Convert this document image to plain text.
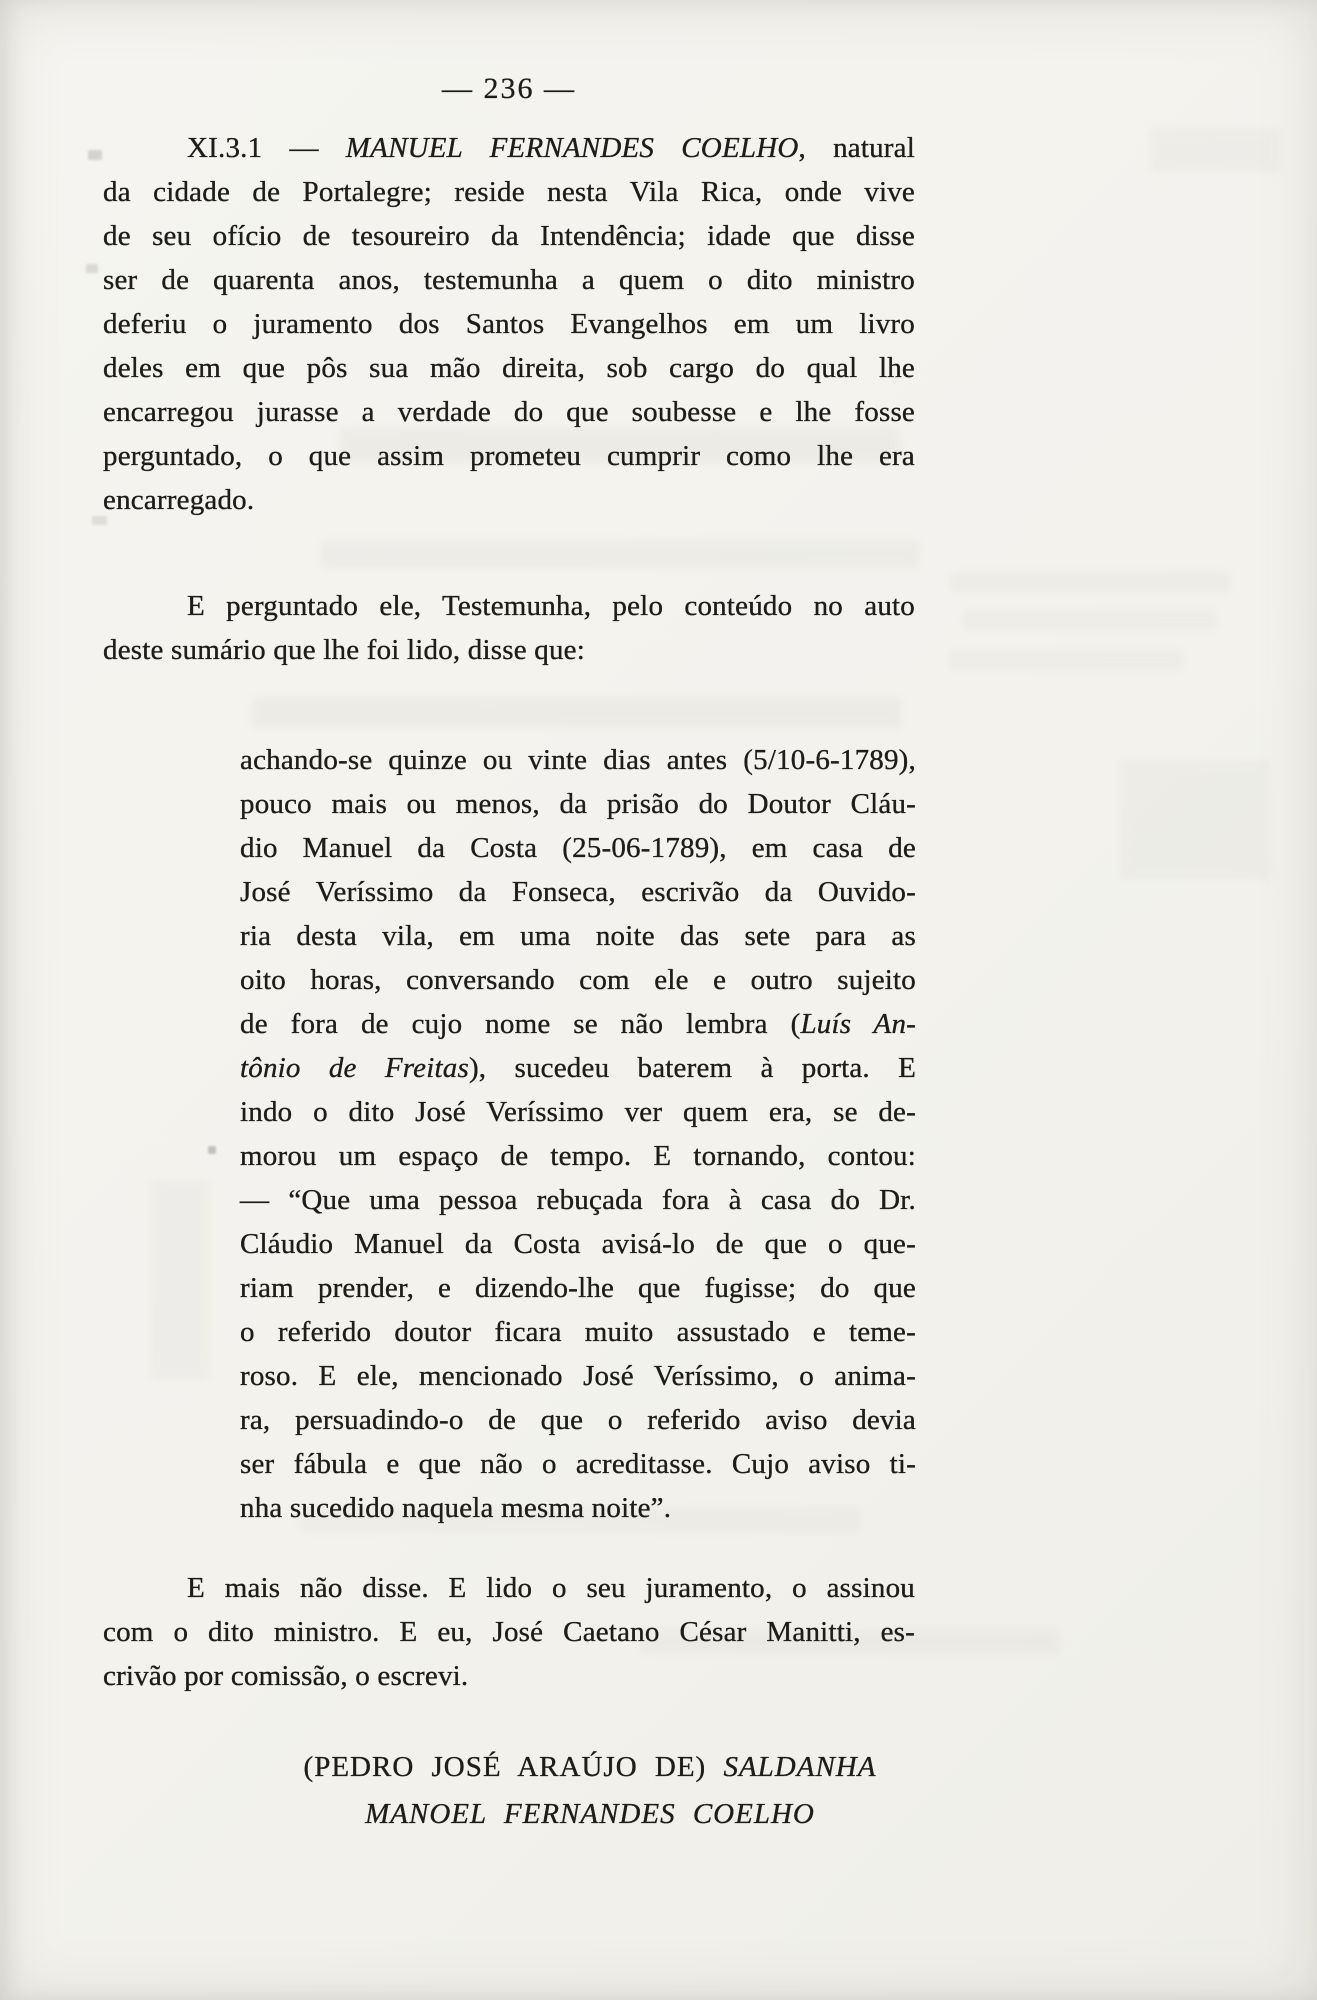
— 236 —
XI.3.1 — MANUEL FERNANDES COELHO, natural
da cidade de Portalegre; reside nesta Vila Rica, onde vive
de seu ofício de tesoureiro da Intendência; idade que disse
ser de quarenta anos, testemunha a quem o dito ministro
deferiu o juramento dos Santos Evangelhos em um livro
deles em que pôs sua mão direita, sob cargo do qual lhe
encarregou jurasse a verdade do que soubesse e lhe fosse
perguntado, o que assim prometeu cumprir como lhe era
encarregado.
E perguntado ele, Testemunha, pelo conteúdo no auto
deste sumário que lhe foi lido, disse que:
achando-se quinze ou vinte dias antes (5/10-6-1789),
pouco mais ou menos, da prisão do Doutor Cláu-
dio Manuel da Costa (25-06-1789), em casa de
José Veríssimo da Fonseca, escrivão da Ouvido-
ria desta vila, em uma noite das sete para as
oito horas, conversando com ele e outro sujeito
de fora de cujo nome se não lembra (Luís An-
tônio de Freitas), sucedeu baterem à porta. E
indo o dito José Veríssimo ver quem era, se de-
morou um espaço de tempo. E tornando, contou:
— “Que uma pessoa rebuçada fora à casa do Dr.
Cláudio Manuel da Costa avisá-lo de que o que-
riam prender, e dizendo-lhe que fugisse; do que
o referido doutor ficara muito assustado e teme-
roso. E ele, mencionado José Veríssimo, o anima-
ra, persuadindo-o de que o referido aviso devia
ser fábula e que não o acreditasse. Cujo aviso ti-
nha sucedido naquela mesma noite”.
E mais não disse. E lido o seu juramento, o assinou
com o dito ministro. E eu, José Caetano César Manitti, es-
crivão por comissão, o escrevi.
(PEDRO JOSÉ ARAÚJO DE) SALDANHA
MANOEL FERNANDES COELHO
